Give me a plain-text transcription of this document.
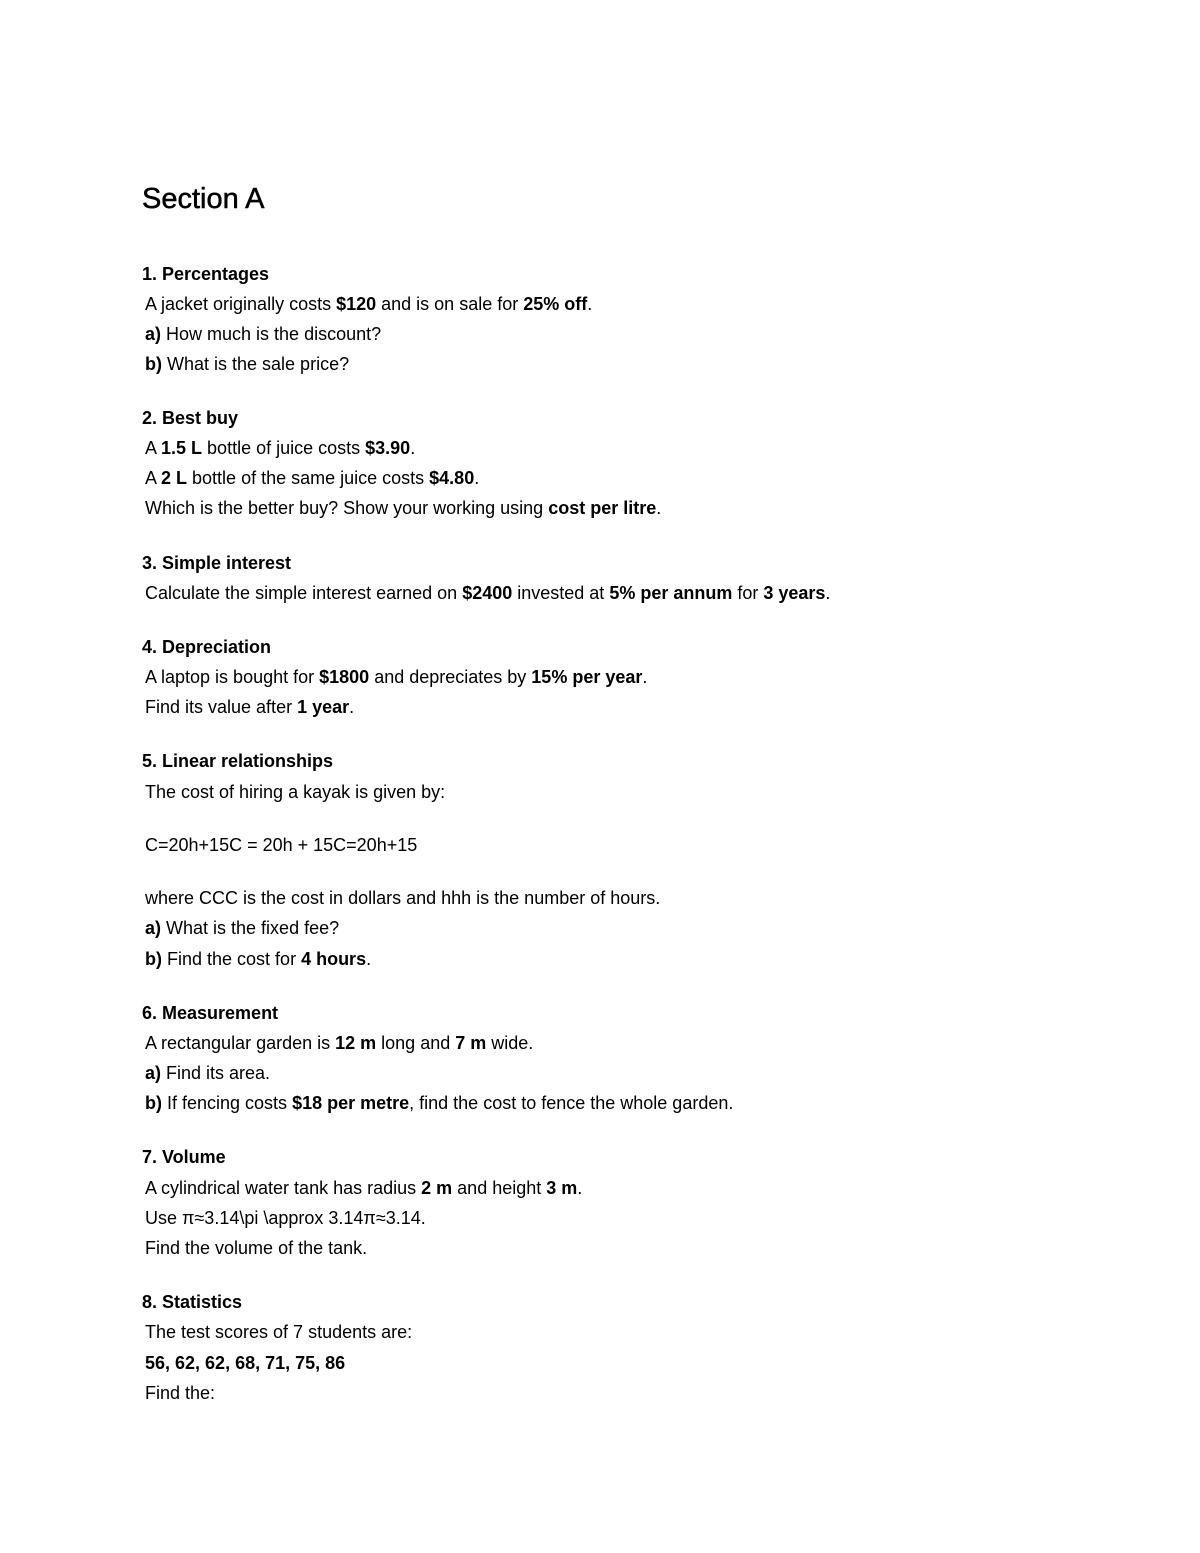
Section A
1. Percentages
A jacket originally costs $120 and is on sale for 25% off.
a) How much is the discount?
b) What is the sale price?
2. Best buy
A 1.5 L bottle of juice costs $3.90.
A 2 L bottle of the same juice costs $4.80.
Which is the better buy? Show your working using cost per litre.
3. Simple interest
Calculate the simple interest earned on $2400 invested at 5% per annum for 3 years.
4. Depreciation
A laptop is bought for $1800 and depreciates by 15% per year.
Find its value after 1 year.
5. Linear relationships
The cost of hiring a kayak is given by:
C=20h+15C = 20h + 15C=20h+15
where CCC is the cost in dollars and hhh is the number of hours.
a) What is the fixed fee?
b) Find the cost for 4 hours.
6. Measurement
A rectangular garden is 12 m long and 7 m wide.
a) Find its area.
b) If fencing costs $18 per metre, find the cost to fence the whole garden.
7. Volume
A cylindrical water tank has radius 2 m and height 3 m.
Use π≈3.14\pi \approx 3.14π≈3.14.
Find the volume of the tank.
8. Statistics
The test scores of 7 students are:
56, 62, 62, 68, 71, 75, 86
Find the:
